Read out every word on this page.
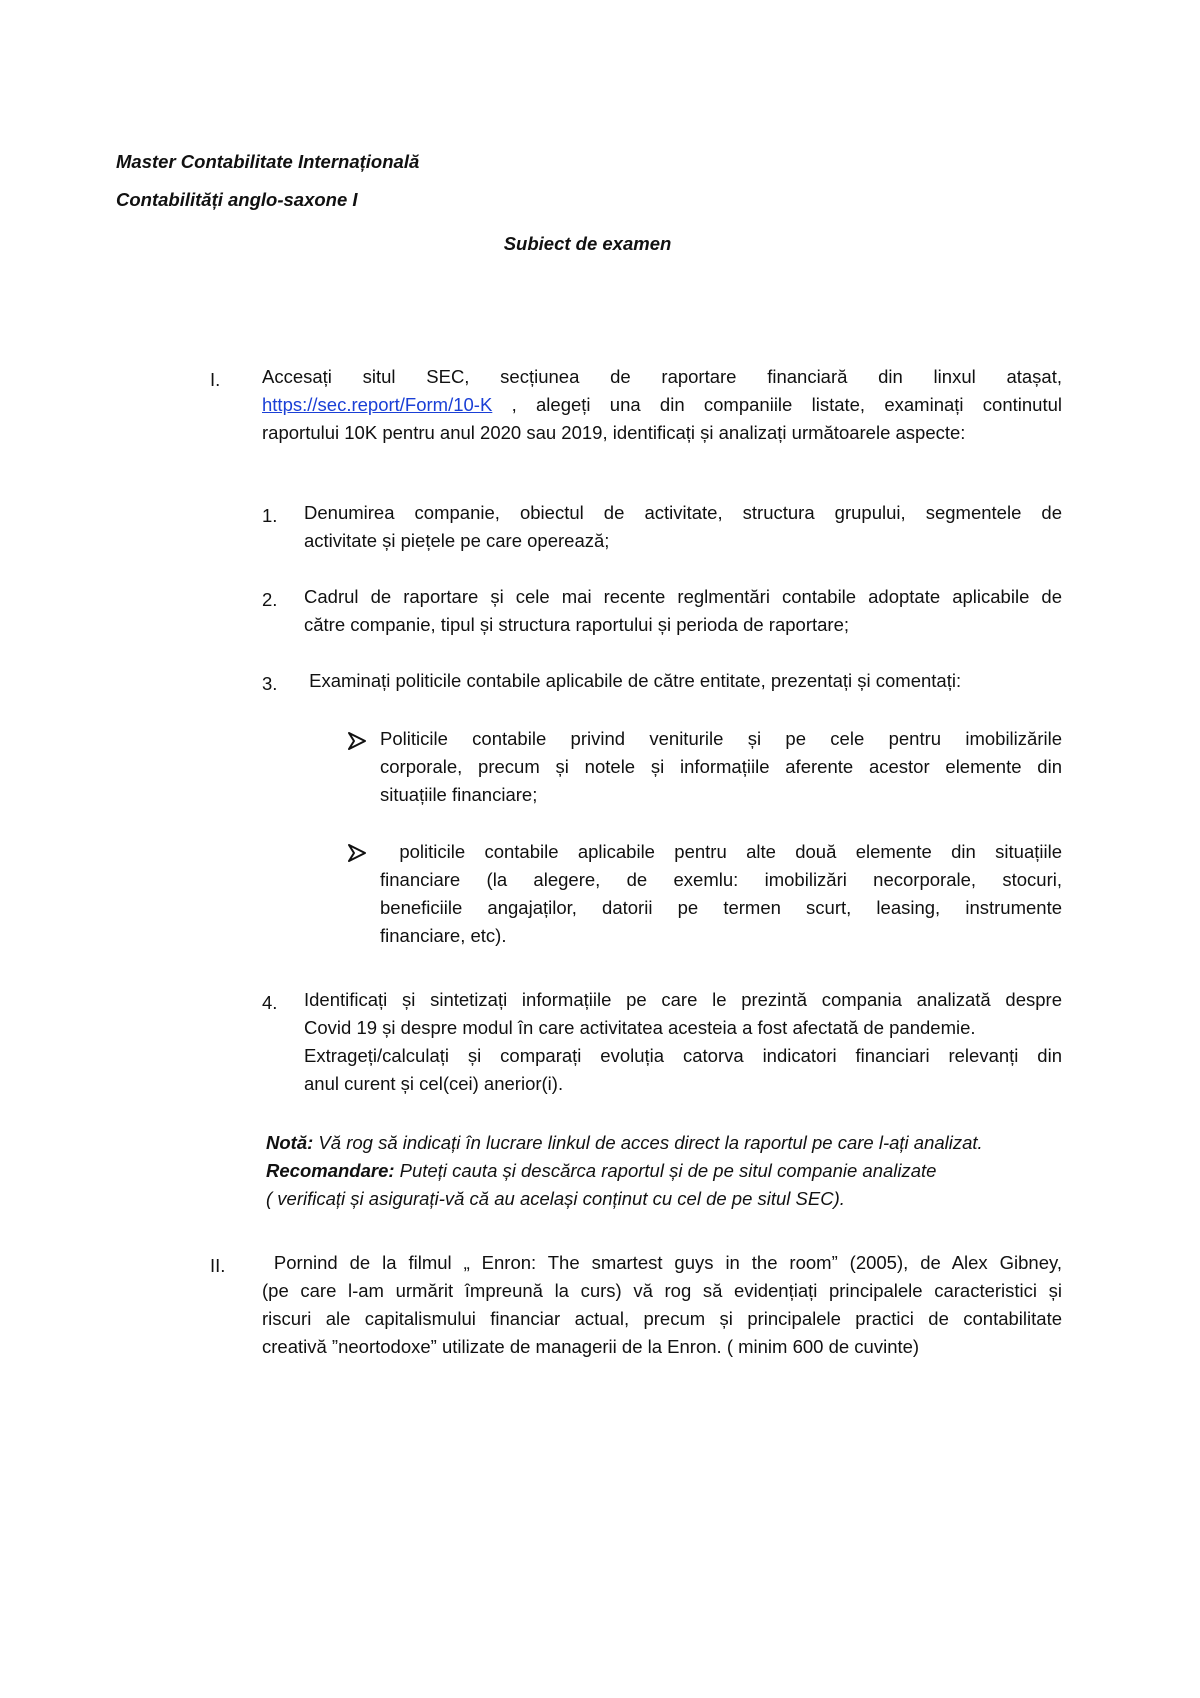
Master Contabilitate Internațională
Contabilități anglo-saxone I
Subiect de examen
I. Accesați situl SEC, secțiunea de raportare financiară din linxul atașat,
https://sec.report/Form/10-K , alegeți una din companiile listate, examinați continutul
raportului 10K pentru anul 2020 sau 2019, identificați și analizați următoarele aspecte:
1. Denumirea companie, obiectul de activitate, structura grupului, segmentele de
activitate și piețele pe care operează;
2. Cadrul de raportare și cele mai recente reglmentări contabile adoptate aplicabile de
către companie, tipul și structura raportului și perioda de raportare;
3. Examinați politicile contabile aplicabile de către entitate, prezentați și comentați:
Politicile contabile privind veniturile și pe cele pentru imobilizările
corporale, precum și notele și informațiile aferente acestor elemente din
situațiile financiare;
politicile contabile aplicabile pentru alte două elemente din situațiile
financiare (la alegere, de exemlu: imobilizări necorporale, stocuri,
beneficiile angajaților, datorii pe termen scurt, leasing, instrumente
financiare, etc).
4. Identificați și sintetizați informațiile pe care le prezintă compania analizată despre
Covid 19 și despre modul în care activitatea acesteia a fost afectată de pandemie.
Extrageți/calculați și comparați evoluția catorva indicatori financiari relevanți din
anul curent și cel(cei) anerior(i).
Notă: Vă rog să indicați în lucrare linkul de acces direct la raportul pe care l-ați analizat.
Recomandare: Puteți cauta și descărca raportul și de pe situl companie analizate
( verificați și asigurați-vă că au același conținut cu cel de pe situl SEC).
II. Pornind de la filmul „ Enron: The smartest guys in the room” (2005), de Alex Gibney,
(pe care l-am urmărit împreună la curs) vă rog să evidențiați principalele caracteristici și
riscuri ale capitalismului financiar actual, precum și principalele practici de contabilitate
creativă ”neortodoxe” utilizate de managerii de la Enron. ( minim 600 de cuvinte)
